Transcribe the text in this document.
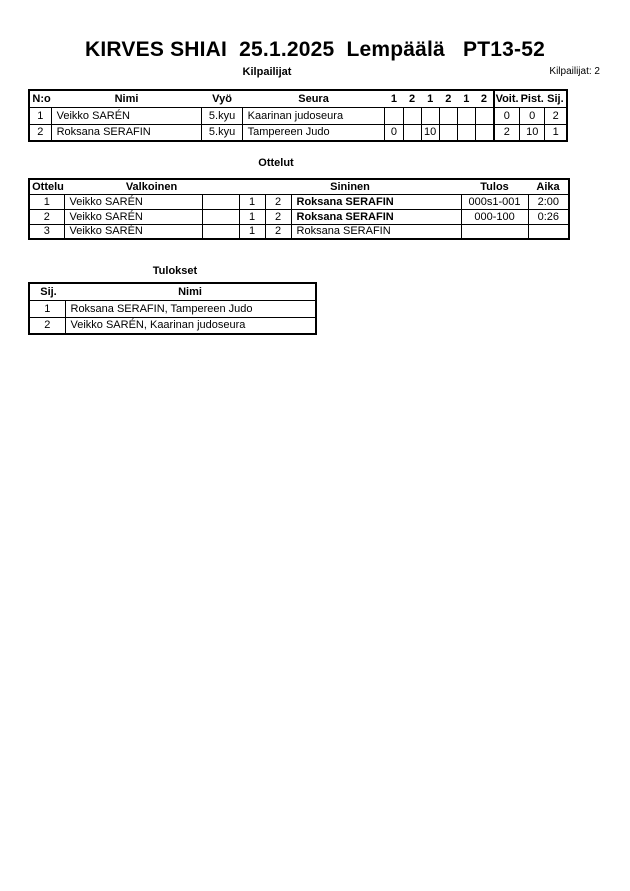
KIRVES SHIAI  25.1.2025  Lempäälä   PT13-52
Kilpailijat	Kilpailijat: 2
N:o	Nimi	Vyö	Seura	1	2	1	2	1	2	Voit.	Pist.	Sij.
1	Veikko SARÉN	5.kyu	Kaarinan judoseura							0	0	2
2	Roksana SERAFIN	5.kyu	Tampereen Judo	0		10				2	10	1
Ottelut
Ottelu	Valkoinen		Sininen			Tulos	Aika
1	Veikko SARÉN		1	2	Roksana SERAFIN	000s1-001	2:00
2	Veikko SARÉN		1	2	Roksana SERAFIN	000-100	0:26
3	Veikko SARÉN		1	2	Roksana SERAFIN		
Tulokset
Sij.	Nimi
1	Roksana SERAFIN, Tampereen Judo
2	Veikko SARÉN, Kaarinan judoseura
